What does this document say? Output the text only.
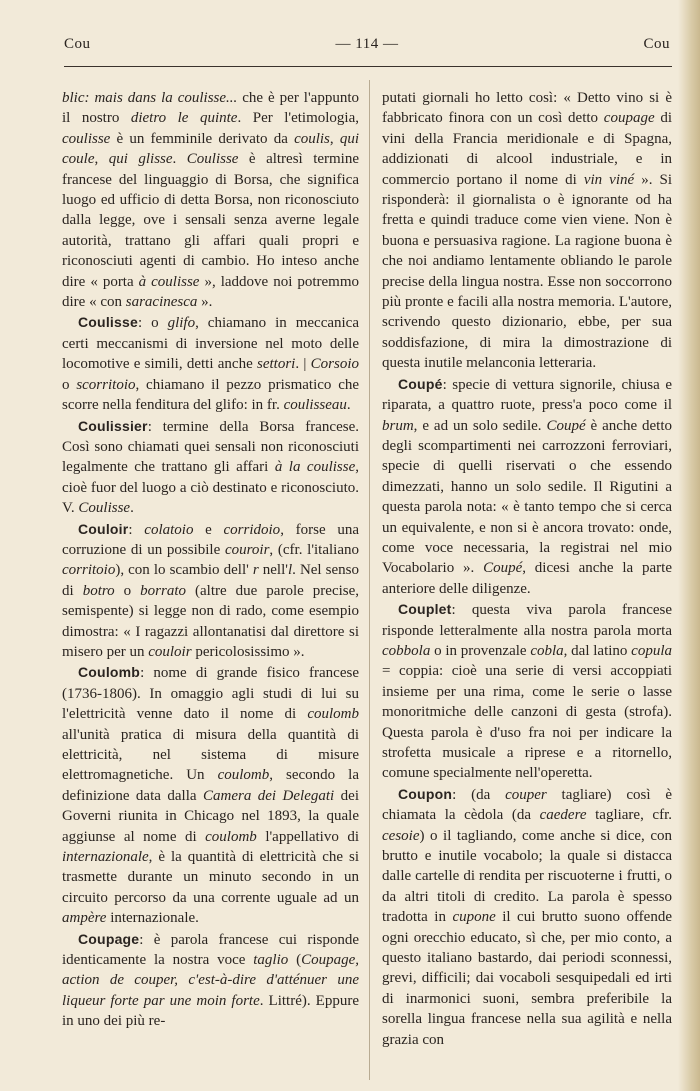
Cou	— 114 —	Cou

blic: mais dans la coulisse... che è per l'appunto il nostro dietro le quinte. Per l'etimologia, coulisse è un femminile derivato da coulis, qui coule, qui glisse. Coulisse è altresì termine francese del linguaggio di Borsa, che significa luogo ed ufficio di detta Borsa, non riconosciuto dalla legge, ove i sensali senza averne legale autorità, trattano gli affari quali propri e riconosciuti agenti di cambio. Ho inteso anche dire « porta à coulisse », laddove noi potremmo dire « con saracinesca ».

Coulisse: o glifo, chiamano in meccanica certi meccanismi di inversione nel moto delle locomotive e simili, detti anche settori. | Corsoio o scorritoio, chiamano il pezzo prismatico che scorre nella fenditura del glifo: in fr. coulisseau.

Coulissier: termine della Borsa francese. Così sono chiamati quei sensali non riconosciuti legalmente che trattano gli affari à la coulisse, cioè fuor del luogo a ciò destinato e riconosciuto. V. Coulisse.

Couloir: colatoio e corridoio, forse una corruzione di un possibile couroir, (cfr. l'italiano corritoio), con lo scambio dell' r nell'l. Nel senso di botro o borrato (altre due parole precise, semispente) si legge non di rado, come esempio dimostra: « I ragazzi allontanatisi dal direttore si misero per un couloir pericolosissimo ».

Coulomb: nome di grande fisico francese (1736-1806). In omaggio agli studi di lui su l'elettricità venne dato il nome di coulomb all'unità pratica di misura della quantità di elettricità, nel sistema di misure elettromagnetiche. Un coulomb, secondo la definizione data dalla Camera dei Delegati dei Governi riunita in Chicago nel 1893, la quale aggiunse al nome di coulomb l'appellativo di internazionale, è la quantità di elettricità che si trasmette durante un minuto secondo in un circuito percorso da una corrente uguale ad un ampère internazionale.

Coupage: è parola francese cui risponde identicamente la nostra voce taglio (Coupage, action de couper, c'est-à-dire d'atténuer une liqueur forte par une moin forte. Littré). Eppure in uno dei più re-

putati giornali ho letto così: « Detto vino si è fabbricato finora con un così detto coupage di vini della Francia meridionale e di Spagna, addizionati di alcool industriale, e in commercio portano il nome di vin viné ». Si risponderà: il giornalista o è ignorante od ha fretta e quindi traduce come vien viene. Non è buona e persuasiva ragione. La ragione buona è che noi andiamo lentamente obliando le parole precise della lingua nostra. Esse non soccorrono più pronte e facili alla nostra memoria. L'autore, scrivendo questo dizionario, ebbe, per sua soddisfazione, di mira la dimostrazione di questa inutile melanconia letteraria.

Coupé: specie di vettura signorile, chiusa e riparata, a quattro ruote, press'a poco come il brum, e ad un solo sedile. Coupé è anche detto degli scompartimenti nei carrozzoni ferroviari, specie di quelli riservati o che essendo dimezzati, hanno un solo sedile. Il Rigutini a questa parola nota: « è tanto tempo che si cerca un equivalente, e non si è ancora trovato: onde, come voce necessaria, la registrai nel mio Vocabolario ». Coupé, dicesi anche la parte anteriore delle diligenze.

Couplet: questa viva parola francese risponde letteralmente alla nostra parola morta cobbola o in provenzale cobla, dal latino copula = coppia: cioè una serie di versi accoppiati insieme per una rima, come le serie o lasse monoritmiche delle canzoni di gesta (strofa). Questa parola è d'uso fra noi per indicare la strofetta musicale a riprese e a ritornello, comune specialmente nell'operetta.

Coupon: (da couper tagliare) così è chiamata la cèdola (da caedere tagliare, cfr. cesoie) o il tagliando, come anche si dice, con brutto e inutile vocabolo; la quale si distacca dalle cartelle di rendita per riscuoterne i frutti, o da altri titoli di credito. La parola è spesso tradotta in cupone il cui brutto suono offende ogni orecchio educato, sì che, per mio conto, a questo italiano bastardo, dai periodi sconnessi, grevi, difficili; dai vocaboli sesquipedali ed irti di inarmonici suoni, sembra preferibile la sorella lingua francese nella sua agilità e nella grazia con
